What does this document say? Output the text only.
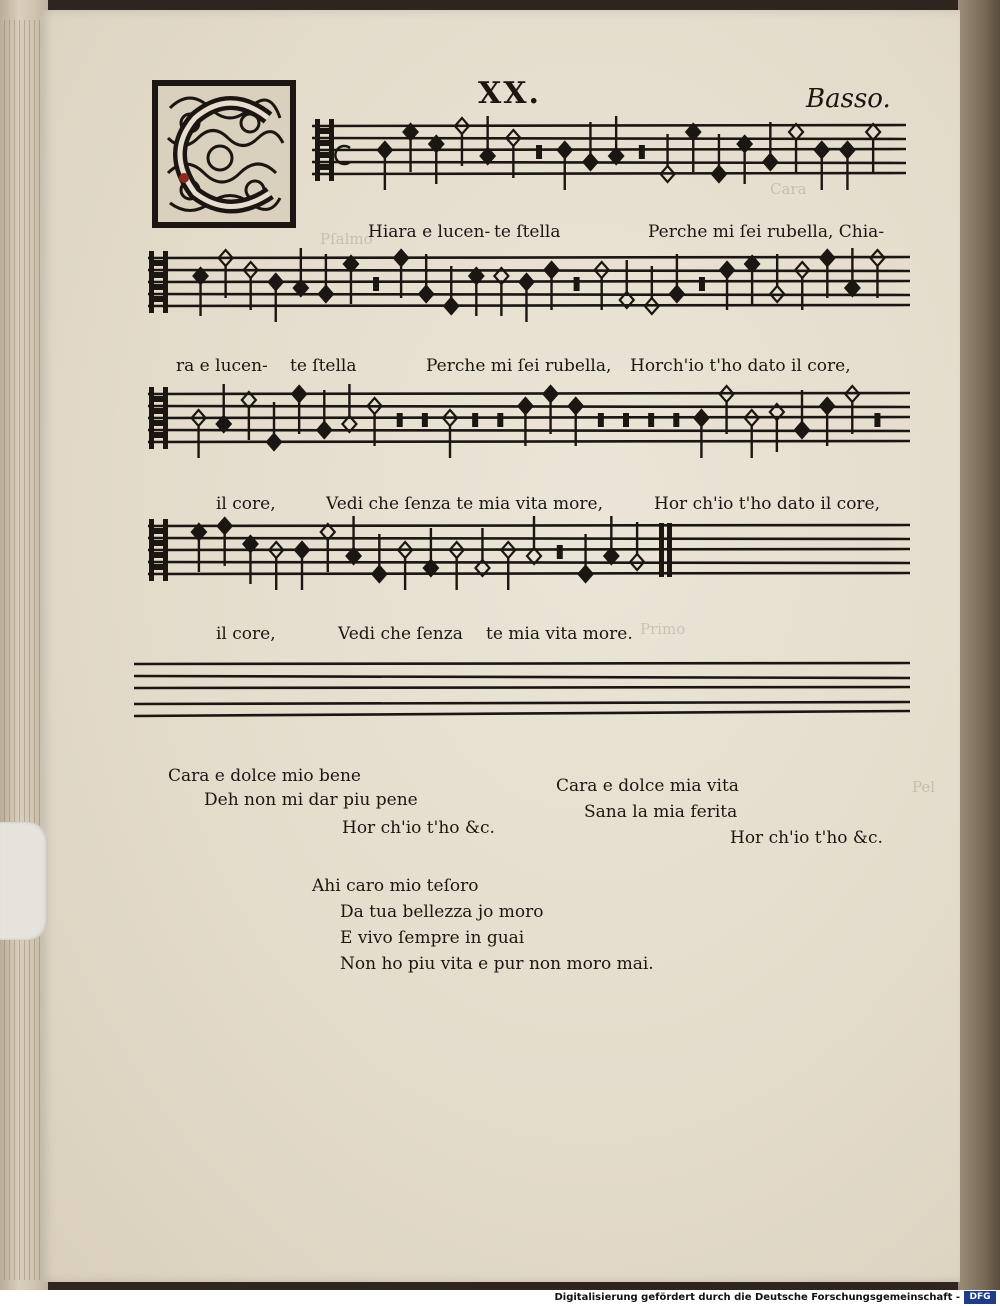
XX.	Basso.
Pſalmo
Cara
Primo
Pel
Hiara e lucen- te ſtella	Perche mi ſei rubella, Chia-
ra e lucen- te ſtella	Perche mi ſei rubella, Horch'io t'ho dato il core,
il core,	Vedi che ſenza te mia vita more,	Hor ch'io t'ho dato il core,
il core,	Vedi che ſenza te mia vita more.
Cara e dolce mio bene
Deh non mi dar piu pene
Hor ch'io t'ho &c.
Cara e dolce mia vita
Sana la mia ferita
Hor ch'io t'ho &c.
Ahi caro mio teſoro
Da tua bellezza jo moro
E vivo ſempre in guai
Non ho piu vita e pur non moro mai.
Digitalisierung gefördert durch die Deutsche Forschungsgemeinschaft -	DFG
